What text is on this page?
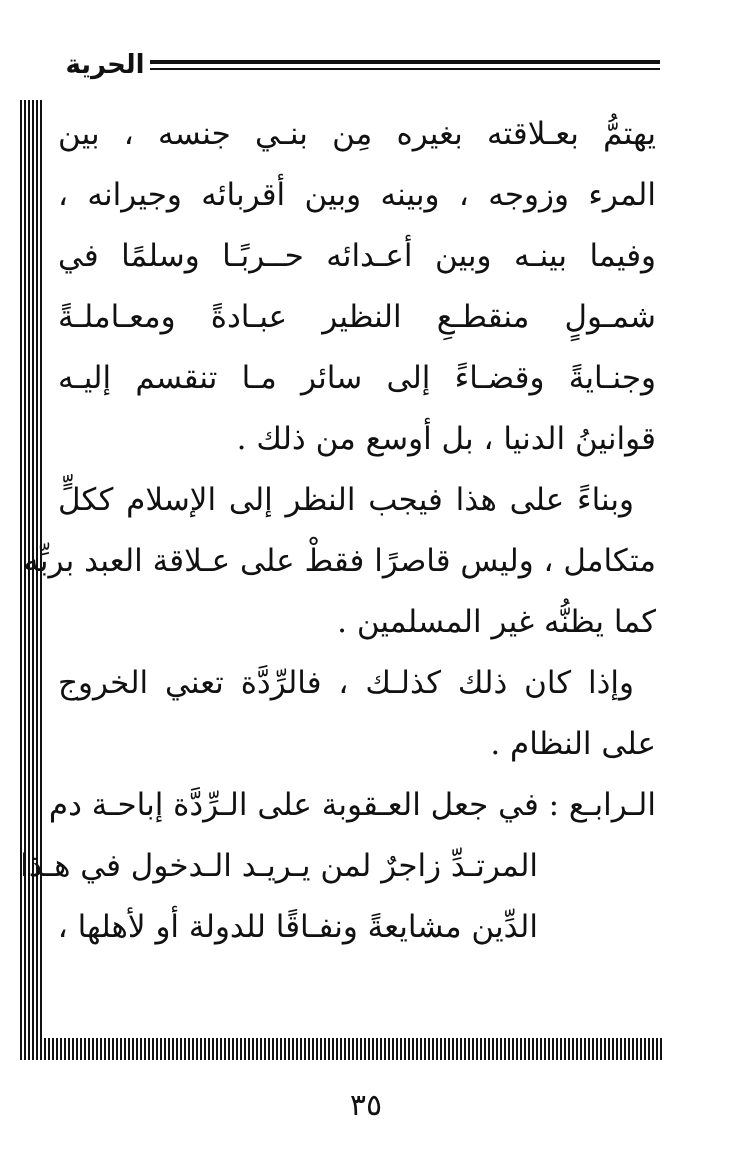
الحرية
يهتمُّ بعـلاقته بغيره مِن بنـي جنسه ، بين
المرء وزوجه ، وبينه وبين أقربائه وجيرانه ،
وفيما بينـه وبين أعـدائه حــربًـا وسلمًا في
شمـولٍ منقطـعِ النظير عبـادةً ومعـاملـةً
وجنـايةً وقضـاءً إلى سائر مـا تنقسم إليـه
قوانينُ الدنيا ، بل أوسع من ذلك .
وبناءً على هذا فيجب النظر إلى الإسلام ككلٍّ
متكامل ، وليس قاصرًا فقطْ على عـلاقة العبد بربِّه
كما يظنُّه غير المسلمين .
وإذا كان ذلك كذلـك ، فالرِّدَّة تعني الخروج
على النظام .
الـرابـع : في جعل العـقوبة على الـرِّدَّة إباحـة دم
المرتـدِّ زاجرٌ لمن يـريـد الـدخول في هـذا
الدِّين مشايعةً ونفـاقًا للدولة أو لأهلها ،
٣٥
